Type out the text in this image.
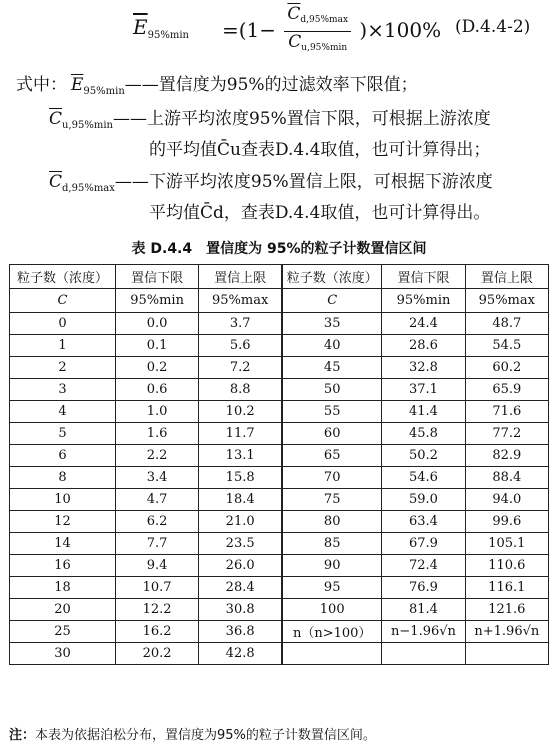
$\overline{E}_{95\%min} =(1- \frac{\overline{C}_{d,95\%max}}{\overline{C}_{u,95\%min}} )\times 100\%$ (D.4.4-2)
式中： $\overline{E}_{95\%min}——$置信度为95%的过滤效率下限值；
$\overline{C}_{u,95\%min}——$上游平均浓度95%置信下限，可根据上游浓度
的平均值C̄u查表D.4.4取值，也可计算得出；
$\overline{C}_{d,95\%max}——$下游平均浓度95%置信上限，可根据下游浓度
平均值C̄d，查表D.4.4取值，也可计算得出。
表 D.4.4　置信度为 95%的粒子计数置信区间
粒子数（浓度）	置信下限	置信上限	粒子数（浓度）	置信下限	置信上限
C	95%min	95%max	C	95%min	95%max
0	0.0	3.7	35	24.4	48.7
1	0.1	5.6	40	28.6	54.5
2	0.2	7.2	45	32.8	60.2
3	0.6	8.8	50	37.1	65.9
4	1.0	10.2	55	41.4	71.6
5	1.6	11.7	60	45.8	77.2
6	2.2	13.1	65	50.2	82.9
8	3.4	15.8	70	54.6	88.4
10	4.7	18.4	75	59.0	94.0
12	6.2	21.0	80	63.4	99.6
14	7.7	23.5	85	67.9	105.1
16	9.4	26.0	90	72.4	110.6
18	10.7	28.4	95	76.9	116.1
20	12.2	30.8	100	81.4	121.6
25	16.2	36.8	n（n>100）	n−1.96√n	n+1.96√n
30	20.2	42.8			
注：本表为依据泊松分布，置信度为95%的粒子计数置信区间。
